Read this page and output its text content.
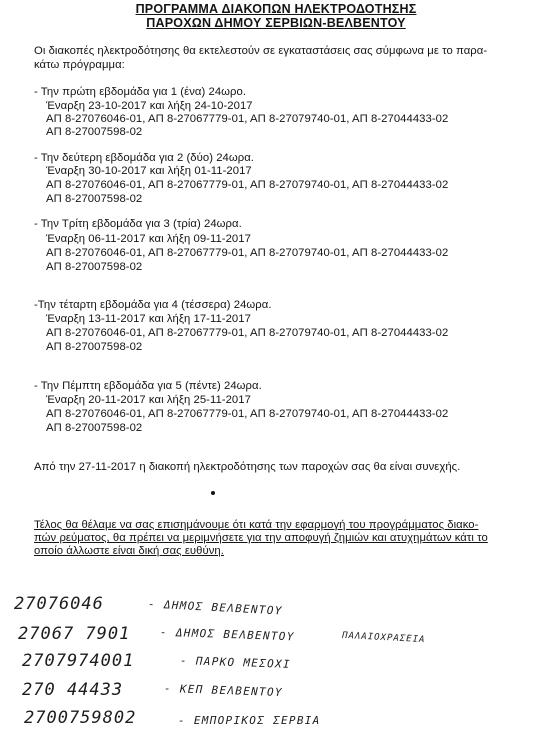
ΠΡΟΓΡΑΜΜΑ ΔΙΑΚΟΠΩΝ ΗΛΕΚΤΡΟΔΟΤΗΣΗΣ
ΠΑΡΟΧΩΝ ΔΗΜΟΥ ΣΕΡΒΙΩΝ-ΒΕΛΒΕΝΤΟΥ
Οι διακοπές ηλεκτροδότησης θα εκτελεστούν σε εγκαταστάσεις σας σύμφωνα με το παρα-
κάτω πρόγραμμα:
- Την πρώτη εβδομάδα για 1 (ένα) 24ωρο.
Έναρξη 23-10-2017 και λήξη 24-10-2017
ΑΠ 8-27076046-01, ΑΠ 8-27067779-01, ΑΠ 8-27079740-01, ΑΠ 8-27044433-02
ΑΠ 8-27007598-02
- Την δεύτερη εβδομάδα για 2 (δύο) 24ωρα.
Έναρξη 30-10-2017 και λήξη 01-11-2017
ΑΠ 8-27076046-01, ΑΠ 8-27067779-01, ΑΠ 8-27079740-01, ΑΠ 8-27044433-02
ΑΠ 8-27007598-02
- Την Τρίτη εβδομάδα για 3 (τρία) 24ωρα.
Έναρξη 06-11-2017 και λήξη 09-11-2017
ΑΠ 8-27076046-01, ΑΠ 8-27067779-01, ΑΠ 8-27079740-01, ΑΠ 8-27044433-02
ΑΠ 8-27007598-02
-Την τέταρτη εβδομάδα για 4 (τέσσερα) 24ωρα.
Έναρξη 13-11-2017 και λήξη 17-11-2017
ΑΠ 8-27076046-01, ΑΠ 8-27067779-01, ΑΠ 8-27079740-01, ΑΠ 8-27044433-02
ΑΠ 8-27007598-02
- Την Πέμπτη εβδομάδα για 5 (πέντε) 24ωρα.
Έναρξη 20-11-2017 και λήξη 25-11-2017
ΑΠ 8-27076046-01, ΑΠ 8-27067779-01, ΑΠ 8-27079740-01, ΑΠ 8-27044433-02
ΑΠ 8-27007598-02
Από την 27-11-2017 η διακοπή ηλεκτροδότησης των παροχών σας θα είναι συνεχής.
Τέλος θα θέλαμε να σας επισημάνουμε ότι κατά την εφαρμογή του προγράμματος διακο-
πών ρεύματος, θα πρέπει να μεριμνήσετε για την αποφυγή ζημιών και ατυχημάτων κάτι το
οποίο άλλωστε είναι δική σας ευθύνη.
27076046	- ΔΗΜΟΣ ΒΕΛΒΕΝΤΟΥ
27067 7901	- ΔΗΜΟΣ ΒΕΛΒΕΝΤΟΥ	ΠΑΛΑΙΟΧΡΑΣΕΙΑ
2707974001	- ΠΑΡΚΟ ΜΕΣΟΧΙ
270 44433	- ΚΕΠ ΒΕΛΒΕΝΤΟΥ
2700759802	- ΕΜΠΟΡΙΚΟΣ ΣΕΡΒΙΑ
